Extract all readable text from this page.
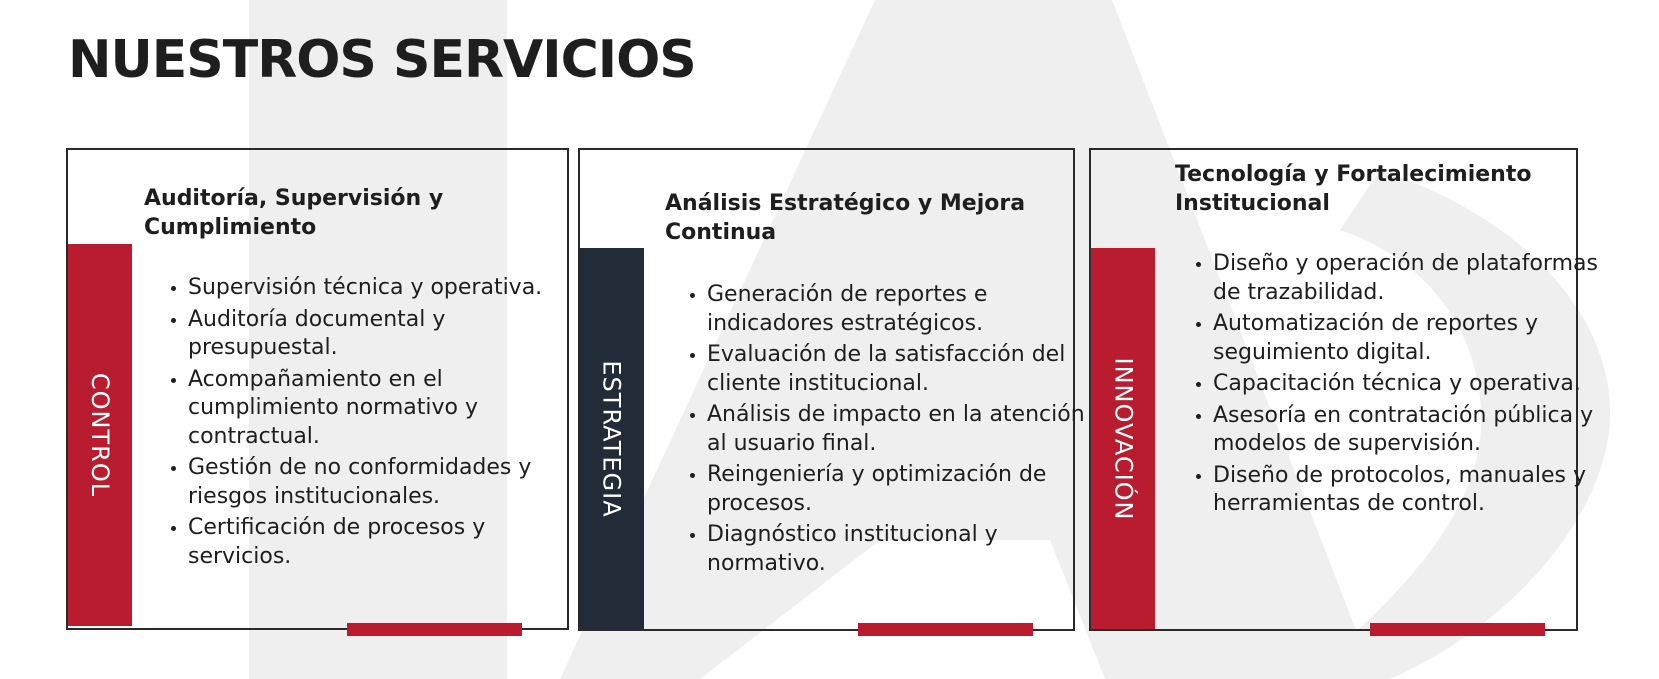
NUESTROS SERVICIOS
CONTROL
Auditoría, Supervisión y Cumplimiento
• Supervisión técnica y operativa.
• Auditoría documental y presupuestal.
• Acompañamiento en el cumplimiento normativo y contractual.
• Gestión de no conformidades y riesgos institucionales.
• Certificación de procesos y servicios.
ESTRATEGIA
Análisis Estratégico y Mejora Continua
• Generación de reportes e indicadores estratégicos.
• Evaluación de la satisfacción del cliente institucional.
• Análisis de impacto en la atención al usuario final.
• Reingeniería y optimización de procesos.
• Diagnóstico institucional y normativo.
INNOVACIÓN
Tecnología y Fortalecimiento Institucional
• Diseño y operación de plataformas de trazabilidad.
• Automatización de reportes y seguimiento digital.
• Capacitación técnica y operativa.
• Asesoría en contratación pública y modelos de supervisión.
• Diseño de protocolos, manuales y herramientas de control.
